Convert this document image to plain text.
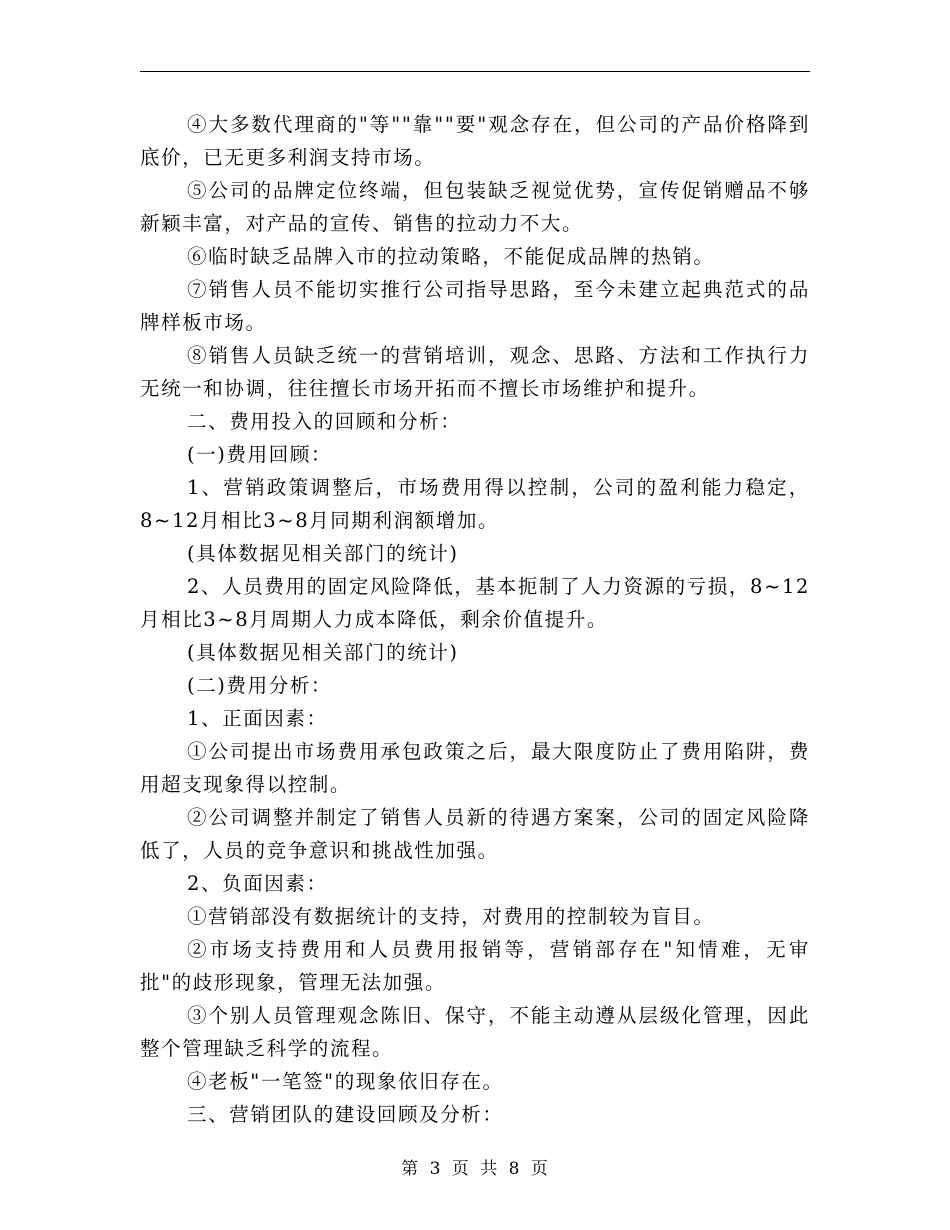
④大多数代理商的"等""靠""要"观念存在，但公司的产品价格降到底价，已无更多利润支持市场。

⑤公司的品牌定位终端，但包装缺乏视觉优势，宣传促销赠品不够新颖丰富，对产品的宣传、销售的拉动力不大。

⑥临时缺乏品牌入市的拉动策略，不能促成品牌的热销。

⑦销售人员不能切实推行公司指导思路，至今未建立起典范式的品牌样板市场。

⑧销售人员缺乏统一的营销培训，观念、思路、方法和工作执行力无统一和协调，往往擅长市场开拓而不擅长市场维护和提升。

二、费用投入的回顾和分析：

(一)费用回顾：

1、营销政策调整后，市场费用得以控制，公司的盈利能力稳定，8~12月相比3~8月同期利润额增加。

(具体数据见相关部门的统计)

2、人员费用的固定风险降低，基本扼制了人力资源的亏损，8~12月相比3~8月周期人力成本降低，剩余价值提升。

(具体数据见相关部门的统计)

(二)费用分析：

1、正面因素：

①公司提出市场费用承包政策之后，最大限度防止了费用陷阱，费用超支现象得以控制。

②公司调整并制定了销售人员新的待遇方案案，公司的固定风险降低了，人员的竞争意识和挑战性加强。

2、负面因素：

①营销部没有数据统计的支持，对费用的控制较为盲目。

②市场支持费用和人员费用报销等，营销部存在"知情难，无审批"的歧形现象，管理无法加强。

③个别人员管理观念陈旧、保守，不能主动遵从层级化管理，因此整个管理缺乏科学的流程。

④老板"一笔签"的现象依旧存在。

三、营销团队的建设回顾及分析：

第 3 页 共 8 页
